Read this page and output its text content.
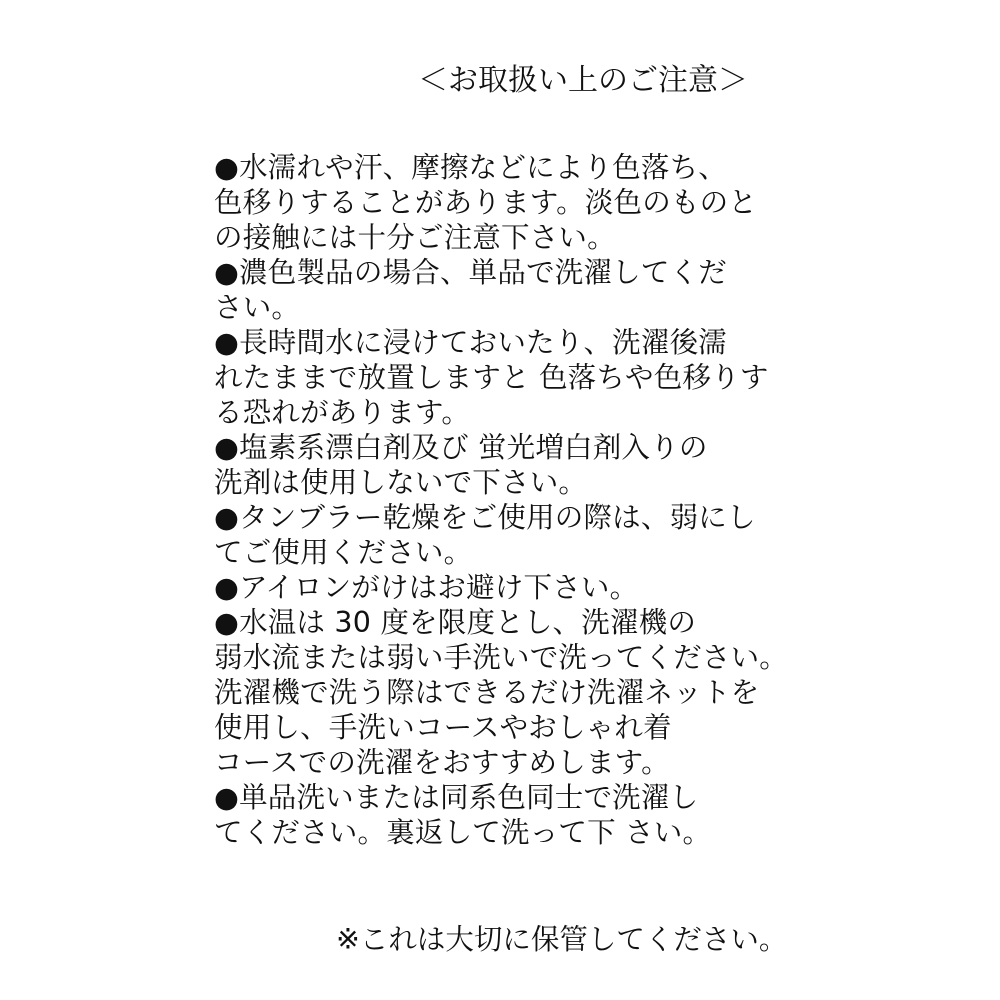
＜お取扱い上のご注意＞
●水濡れや汗、摩擦などにより色落ち、
色移りすることがあります。淡色のものと
の接触には十分ご注意下さい。
●濃色製品の場合、単品で洗濯してくだ
さい。
●長時間水に浸けておいたり、洗濯後濡
れたままで放置しますと 色落ちや色移りす
る恐れがあります。
●塩素系漂白剤及び 蛍光増白剤入りの
洗剤は使用しないで下さい。
●タンブラー乾燥をご使用の際は、弱にし
てご使用ください。
●アイロンがけはお避け下さい。
●水温は 30 度を限度とし、洗濯機の
弱水流または弱い手洗いで洗ってください。
洗濯機で洗う際はできるだけ洗濯ネットを
使用し、手洗いコースやおしゃれ着
コースでの洗濯をおすすめします。
●単品洗いまたは同系色同士で洗濯し
てください。裏返して洗って下 さい。
※これは大切に保管してください。
